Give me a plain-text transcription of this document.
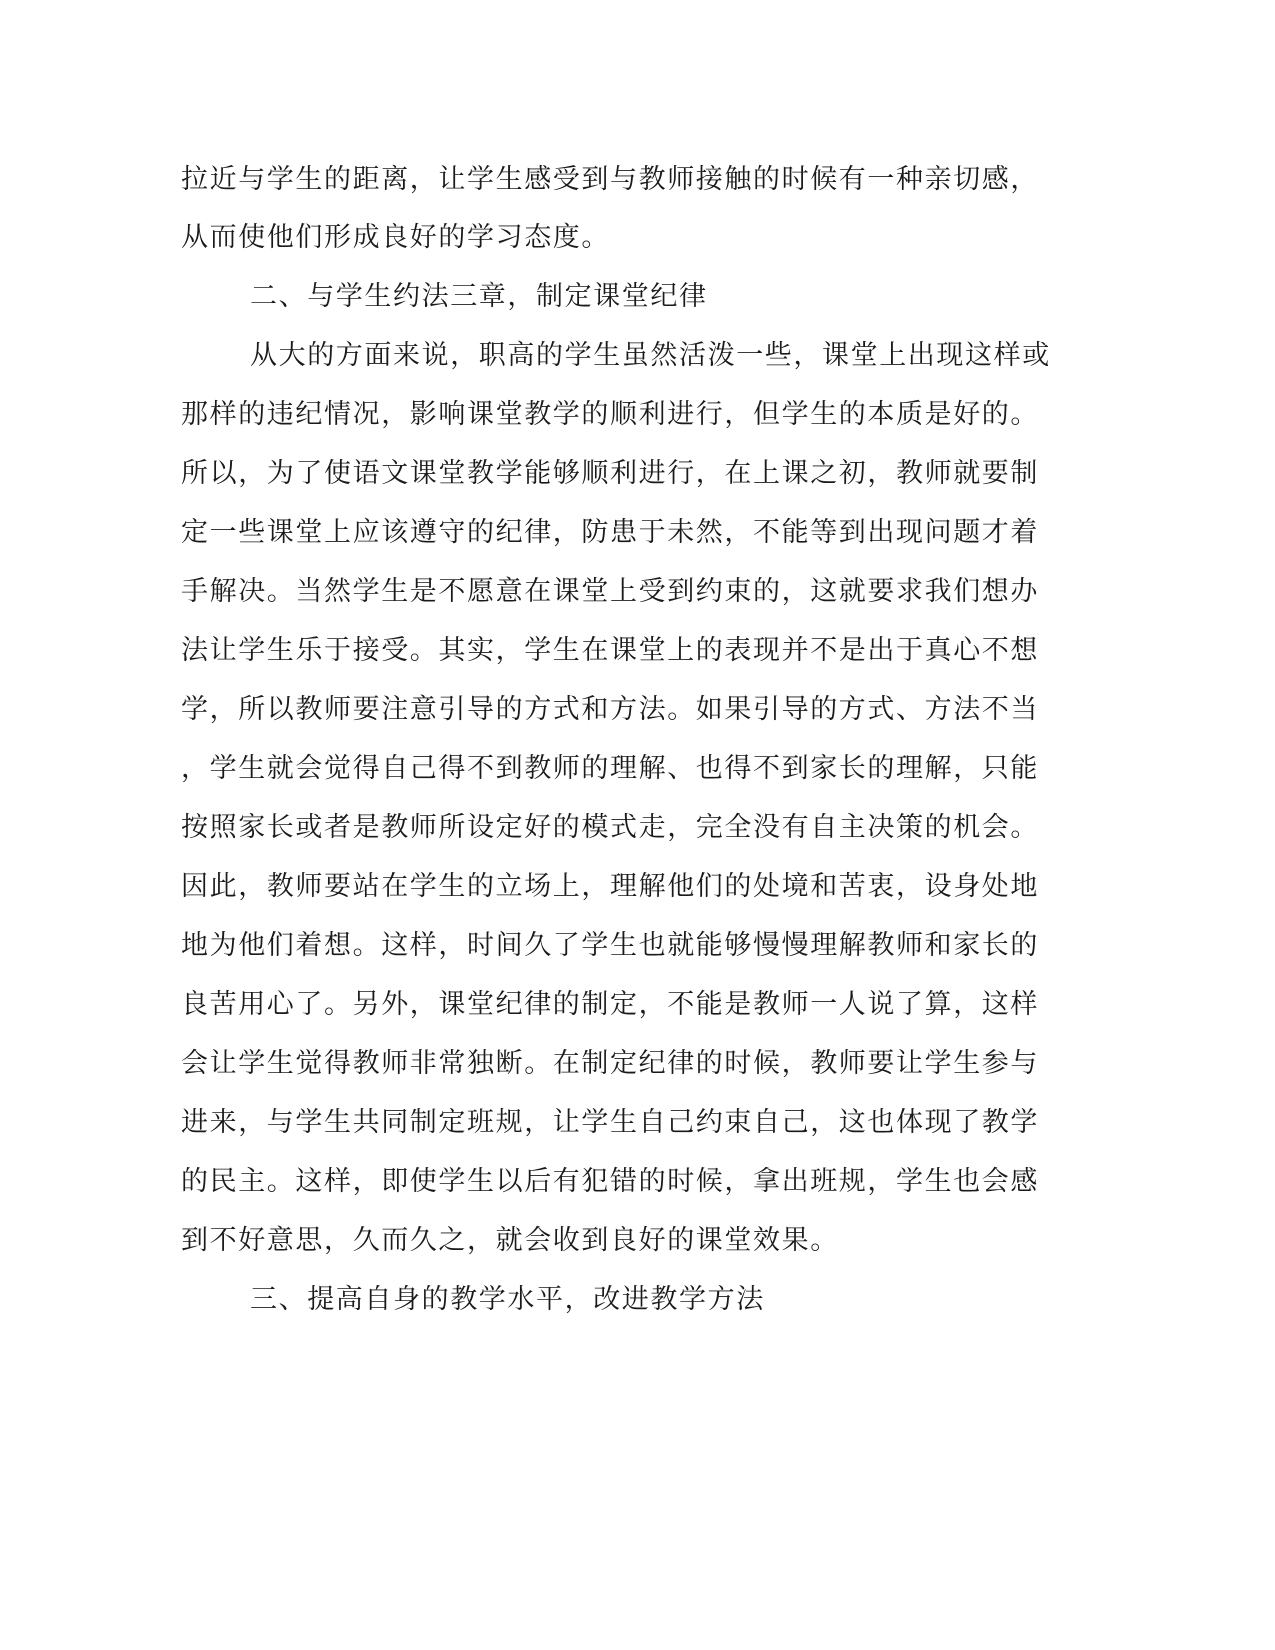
拉近与学生的距离，让学生感受到与教师接触的时候有一种亲切感，
从而使他们形成良好的学习态度。
二、与学生约法三章，制定课堂纪律
从大的方面来说，职高的学生虽然活泼一些，课堂上出现这样或
那样的违纪情况，影响课堂教学的顺利进行，但学生的本质是好的。
所以，为了使语文课堂教学能够顺利进行，在上课之初，教师就要制
定一些课堂上应该遵守的纪律，防患于未然，不能等到出现问题才着
手解决。当然学生是不愿意在课堂上受到约束的，这就要求我们想办
法让学生乐于接受。其实，学生在课堂上的表现并不是出于真心不想
学，所以教师要注意引导的方式和方法。如果引导的方式、方法不当
，学生就会觉得自己得不到教师的理解、也得不到家长的理解，只能
按照家长或者是教师所设定好的模式走，完全没有自主决策的机会。
因此，教师要站在学生的立场上，理解他们的处境和苦衷，设身处地
地为他们着想。这样，时间久了学生也就能够慢慢理解教师和家长的
良苦用心了。另外，课堂纪律的制定，不能是教师一人说了算，这样
会让学生觉得教师非常独断。在制定纪律的时候，教师要让学生参与
进来，与学生共同制定班规，让学生自己约束自己，这也体现了教学
的民主。这样，即使学生以后有犯错的时候，拿出班规，学生也会感
到不好意思，久而久之，就会收到良好的课堂效果。
三、提高自身的教学水平，改进教学方法
